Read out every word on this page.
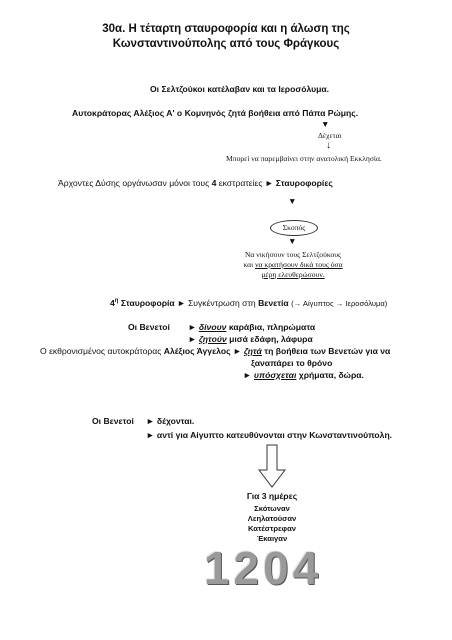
30α. Η τέταρτη σταυροφορία και η άλωση της
Κωνσταντινούπολης από τους Φράγκους
Οι Σελτζούκοι κατέλαβαν και τα Ιεροσόλυμα.
Αυτοκράτορας Αλέξιος Α' ο Κομνηνός ζητά βοήθεια από Πάπα Ρώμης.
▼
Δέχεται
↓
Μπορεί να παρεμβαίνει στην ανατολική Εκκλησία.
Άρχοντες Δύσης οργάνωσαν μόνοι τους 4 εκστρατείες ► Σταυροφορίες
▼
Σκοπός
▼
Να νικήσουν τους Σελτζούκους
και να κρατήσουν δικά τους όσα
μέρη ελευθερώσουν.
$4^\eta$ Σταυροφορία ► Συγκέντρωση στη Βενετία (→ Αίγυπτος → Ιεροσόλυμα)
Οι Βενετοί ► δίνουν καράβια, πληρώματα
► ζητούν μισά εδάφη, λάφυρα
Ο εκθρονισμένος αυτοκράτορας Αλέξιος Άγγελος ► ζητά τη βοήθεια των Βενετών για να
ξαναπάρει το θρόνο
► υπόσχεται χρήματα, δώρα.
Οι Βενετοί ► δέχονται.
► αντί για Αίγυπτο κατευθύνονται στην Κωνσταντινούπολη.
Για 3 ημέρες
Σκότωναν
Λεηλατούσαν
Κατέστρεφαν
Έκαιγαν
1204
